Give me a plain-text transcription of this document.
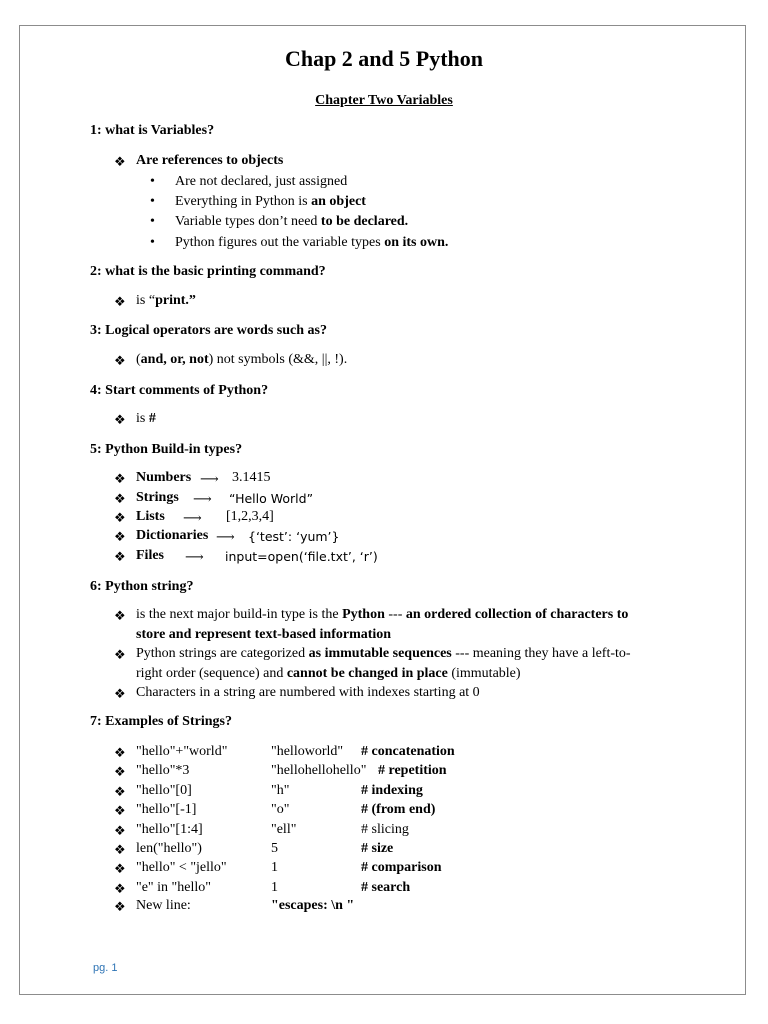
Chap 2 and 5 Python
Chapter Two Variables
1: what is Variables?
❖ Are references to objects
• Are not declared, just assigned
• Everything in Python is an object
• Variable types don’t need to be declared.
• Python figures out the variable types on its own.
2: what is the basic printing command?
❖ is “print.”
3: Logical operators are words such as?
❖ (and, or, not) not symbols (&&, ||, !).
4: Start comments of Python?
❖ is #
5: Python Build-in types?
❖ Numbers ⟶ 3.1415
❖ Strings ⟶ “Hello World”
❖ Lists ⟶ [1,2,3,4]
❖ Dictionaries ⟶ {‘test’: ‘yum’}
❖ Files ⟶ input=open(‘file.txt’, ‘r’)
6: Python string?
❖ is the next major build-in type is the Python --- an ordered collection of characters to
store and represent text-based information
❖ Python strings are categorized as immutable sequences --- meaning they have a left-to-
right order (sequence) and cannot be changed in place (immutable)
❖ Characters in a string are numbered with indexes starting at 0
7: Examples of Strings?
❖ "hello"+"world"	"helloworld" # concatenation
❖ "hello"*3	"hellohellohello" # repetition
❖ "hello"[0]	"h"	# indexing
❖ "hello"[-1]	"o"	# (from end)
❖ "hello"[1:4]	"ell"	# slicing
❖ len("hello")	5	# size
❖ "hello" < "jello"	1	# comparison
❖ "e" in "hello"	1	# search
❖ New line:	"escapes: \n "
pg. 1
